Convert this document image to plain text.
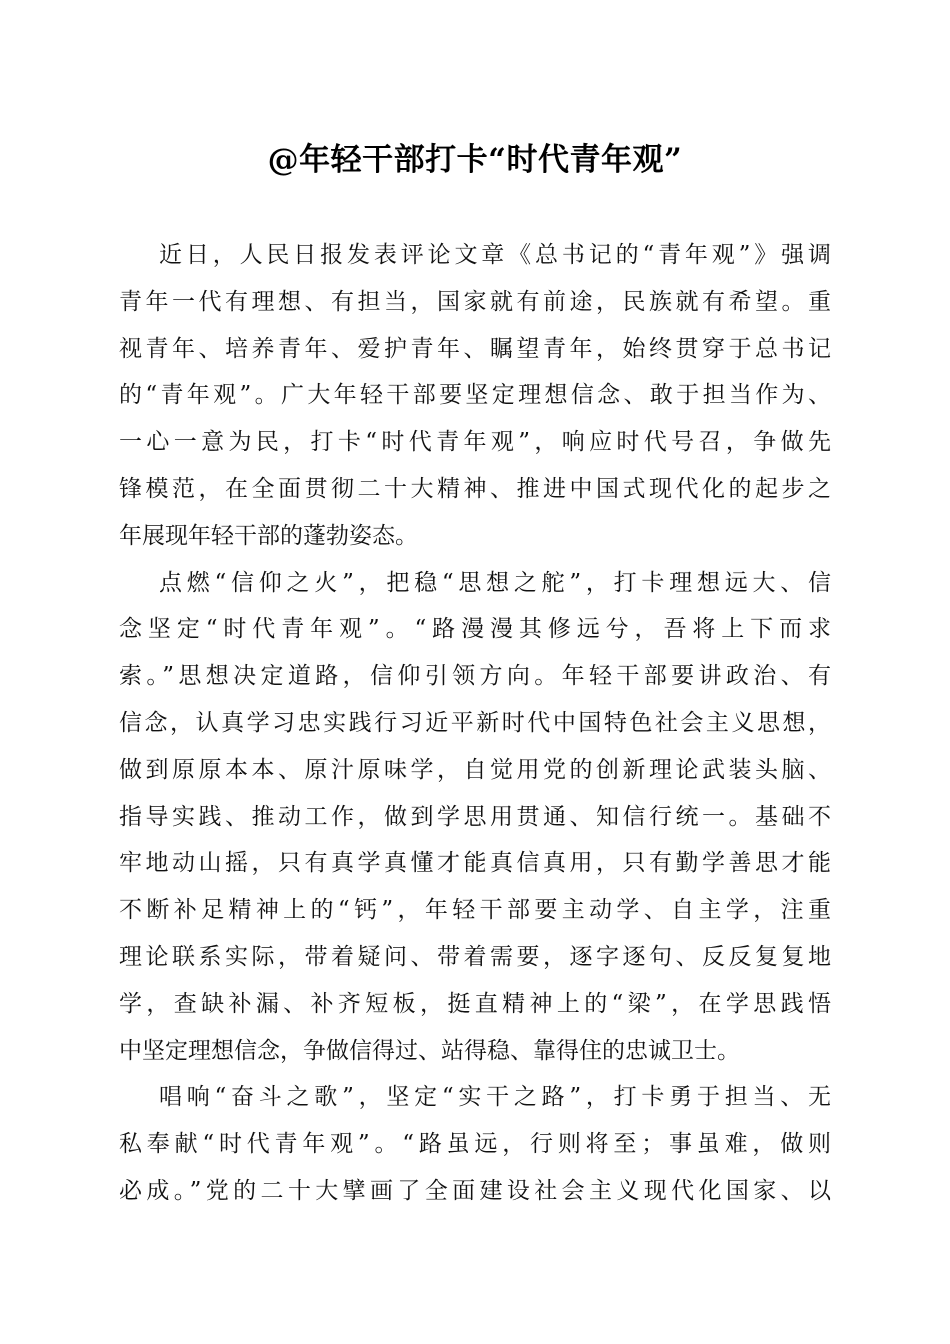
@年轻干部打卡“时代青年观”
近日，人民日报发表评论文章《总书记的“青年观”》强调
青年一代有理想、有担当，国家就有前途，民族就有希望。重
视青年、培养青年、爱护青年、瞩望青年，始终贯穿于总书记
的“青年观”。广大年轻干部要坚定理想信念、敢于担当作为、
一心一意为民，打卡“时代青年观”，响应时代号召，争做先
锋模范，在全面贯彻二十大精神、推进中国式现代化的起步之
年展现年轻干部的蓬勃姿态。
点燃“信仰之火”，把稳“思想之舵”，打卡理想远大、信
念坚定“时代青年观”。“路漫漫其修远兮，吾将上下而求
索。”思想决定道路，信仰引领方向。年轻干部要讲政治、有
信念，认真学习忠实践行习近平新时代中国特色社会主义思想，
做到原原本本、原汁原味学，自觉用党的创新理论武装头脑、
指导实践、推动工作，做到学思用贯通、知信行统一。基础不
牢地动山摇，只有真学真懂才能真信真用，只有勤学善思才能
不断补足精神上的“钙”，年轻干部要主动学、自主学，注重
理论联系实际，带着疑问、带着需要，逐字逐句、反反复复地
学，查缺补漏、补齐短板，挺直精神上的“梁”，在学思践悟
中坚定理想信念，争做信得过、站得稳、靠得住的忠诚卫士。
唱响“奋斗之歌”，坚定“实干之路”，打卡勇于担当、无
私奉献“时代青年观”。“路虽远，行则将至；事虽难，做则
必成。”党的二十大擘画了全面建设社会主义现代化国家、以
